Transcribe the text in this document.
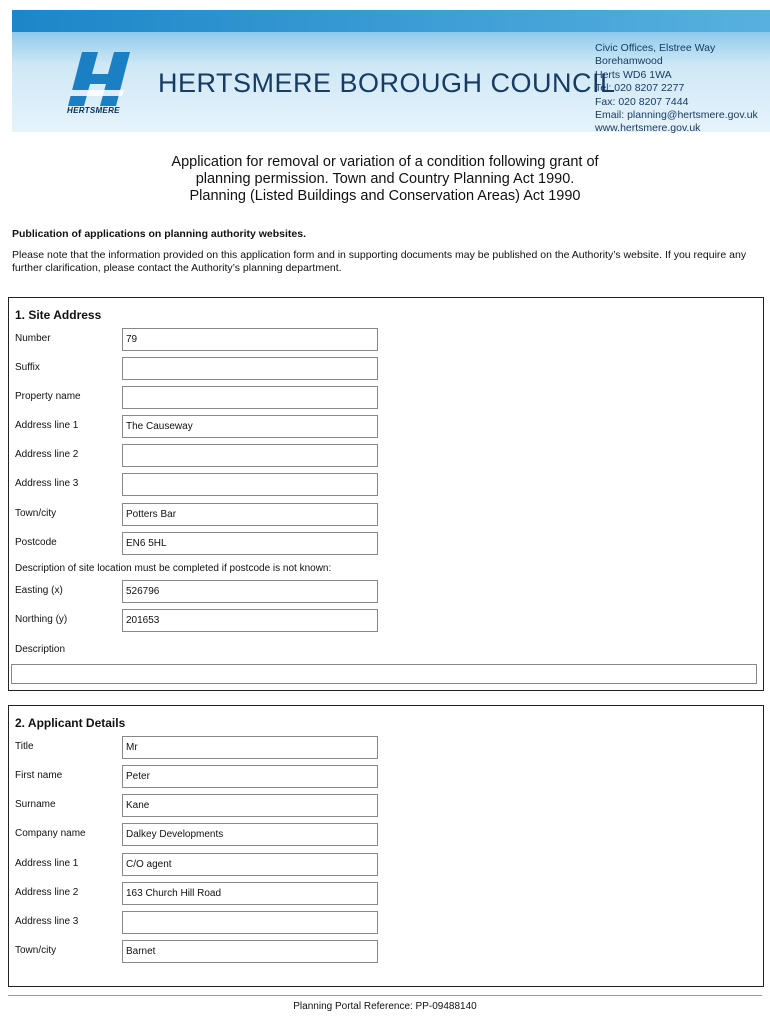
HERTSMERE
HERTSMERE BOROUGH COUNCIL
Civic Offices, Elstree Way
Borehamwood
Herts WD6 1WA
Tel: 020 8207 2277
Fax: 020 8207 7444
Email: planning@hertsmere.gov.uk
www.hertsmere.gov.uk
Application for removal or variation of a condition following grant of
planning permission. Town and Country Planning Act 1990.
Planning (Listed Buildings and Conservation Areas) Act 1990
Publication of applications on planning authority websites.
Please note that the information provided on this application form and in supporting documents may be published on the Authority’s website. If you require any further clarification, please contact the Authority’s planning department.
1. Site Address
Number	79
Suffix
Property name
Address line 1	The Causeway
Address line 2
Address line 3
Town/city	Potters Bar
Postcode	EN6 5HL
Description of site location must be completed if postcode is not known:
Easting (x)	526796
Northing (y)	201653
Description
2. Applicant Details
Title	Mr
First name	Peter
Surname	Kane
Company name	Dalkey Developments
Address line 1	C/O agent
Address line 2	163 Church Hill Road
Address line 3
Town/city	Barnet
Planning Portal Reference: PP-09488140
